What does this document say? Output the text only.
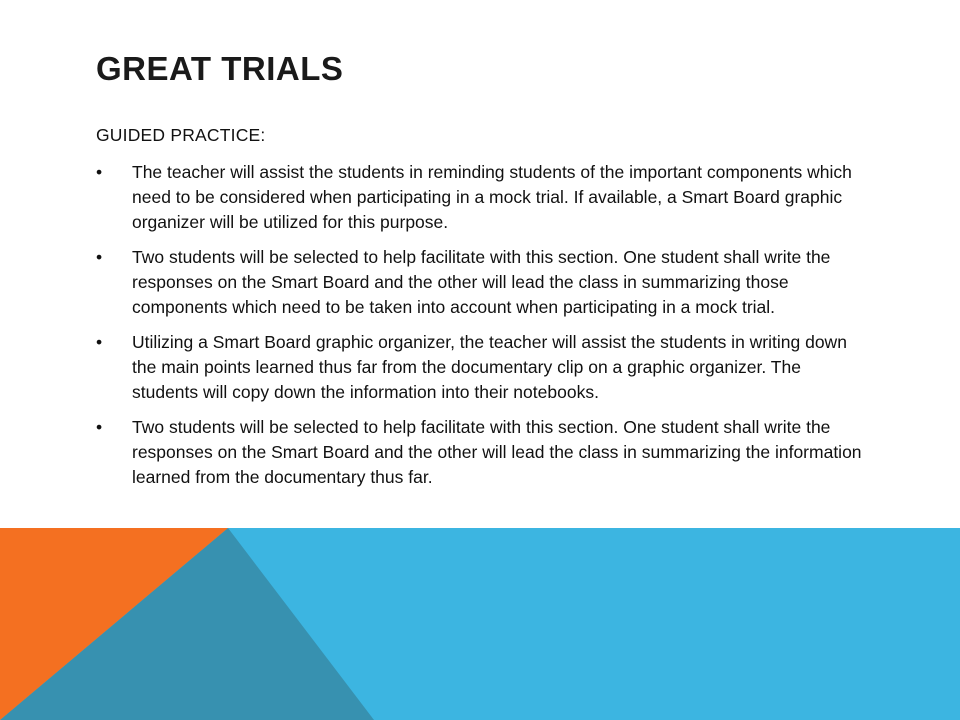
GREAT TRIALS

GUIDED PRACTICE:

•	The teacher will assist the students in reminding students of the important components which need to be considered when participating in a mock trial. If available, a Smart Board graphic organizer will be utilized for this purpose.
•	Two students will be selected to help facilitate with this section. One student shall write the responses on the Smart Board and the other will lead the class in summarizing those components which need to be taken into account when participating in a mock trial.
•	Utilizing a Smart Board graphic organizer, the teacher will assist the students in writing down the main points learned thus far from the documentary clip on a graphic organizer. The students will copy down the information into their notebooks.
•	Two students will be selected to help facilitate with this section. One student shall write the responses on the Smart Board and the other will lead the class in summarizing the information learned from the documentary thus far.
